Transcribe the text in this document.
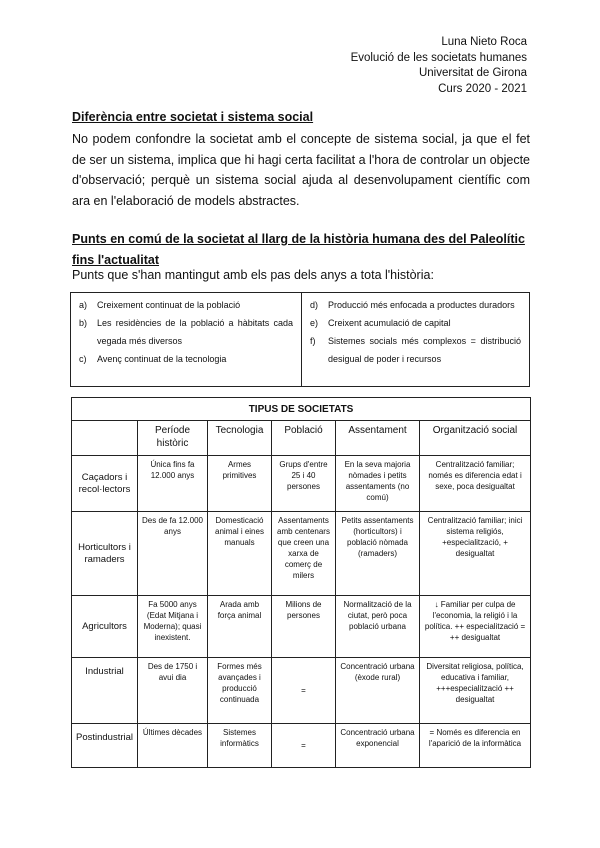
Luna Nieto Roca
Evolució de les societats humanes
Universitat de Girona
Curs 2020 - 2021
Diferència entre societat i sistema social
No podem confondre la societat amb el concepte de sistema social, ja que el fet de ser un sistema, implica que hi hagi certa facilitat a l'hora de controlar un objecte d'observació; perquè un sistema social ajuda al desenvolupament científic com ara en l'elaboració de models abstractes.
Punts en comú de la societat al llarg de la història humana des del Paleolític fins l'actualitat
Punts que s'han mantingut amb els pas dels anys a tota l'història:
a)	Creixement continuat de la població
b)	Les residències de la població a hàbitats cada vegada més diversos
c)	Avenç continuat de la tecnologia
d)	Producció més enfocada a productes duradors
e)	Creixent acumulació de capital
f)	Sistemes socials més complexos = distribució desigual de poder i recursos
TIPUS DE SOCIETATS					
	Període històric	Tecnologia	Població	Assentament	Organització social
Caçadors i recol·lectors	Única fins fa 12.000 anys	Armes primitives	Grups d'entre 25 i 40 persones	En la seva majoria nòmades i petits assentaments (no comú)	Centralització familiar; només es diferencia edat i sexe, poca desigualtat
Horticultors i ramaders	Des de fa 12.000 anys	Domesticació animal i eines manuals	Assentaments amb centenars que creen una xarxa de comerç de milers	Petits assentaments (horticultors) i població nòmada (ramaders)	Centralització familiar; inici sistema religiós, +especialització, + desigualtat
Agricultors	Fa 5000 anys (Edat Mitjana i Moderna); quasi inexistent.	Arada amb força animal	Milions de persones	Normalització de la ciutat, però poca població urbana	↓ Familiar per culpa de l'economia, la religió i la política. ++ especialització = ++ desigualtat
Industrial	Des de 1750 i avui dia	Formes més avançades i producció continuada	=	Concentració urbana (èxode rural)	Diversitat religiosa, política, educativa i familiar, +++especialització ++ desigualtat
Postindustrial	Últimes dècades	Sistemes informàtics	=	Concentració urbana exponencial	= Només es diferencia en l'aparició de la informàtica
